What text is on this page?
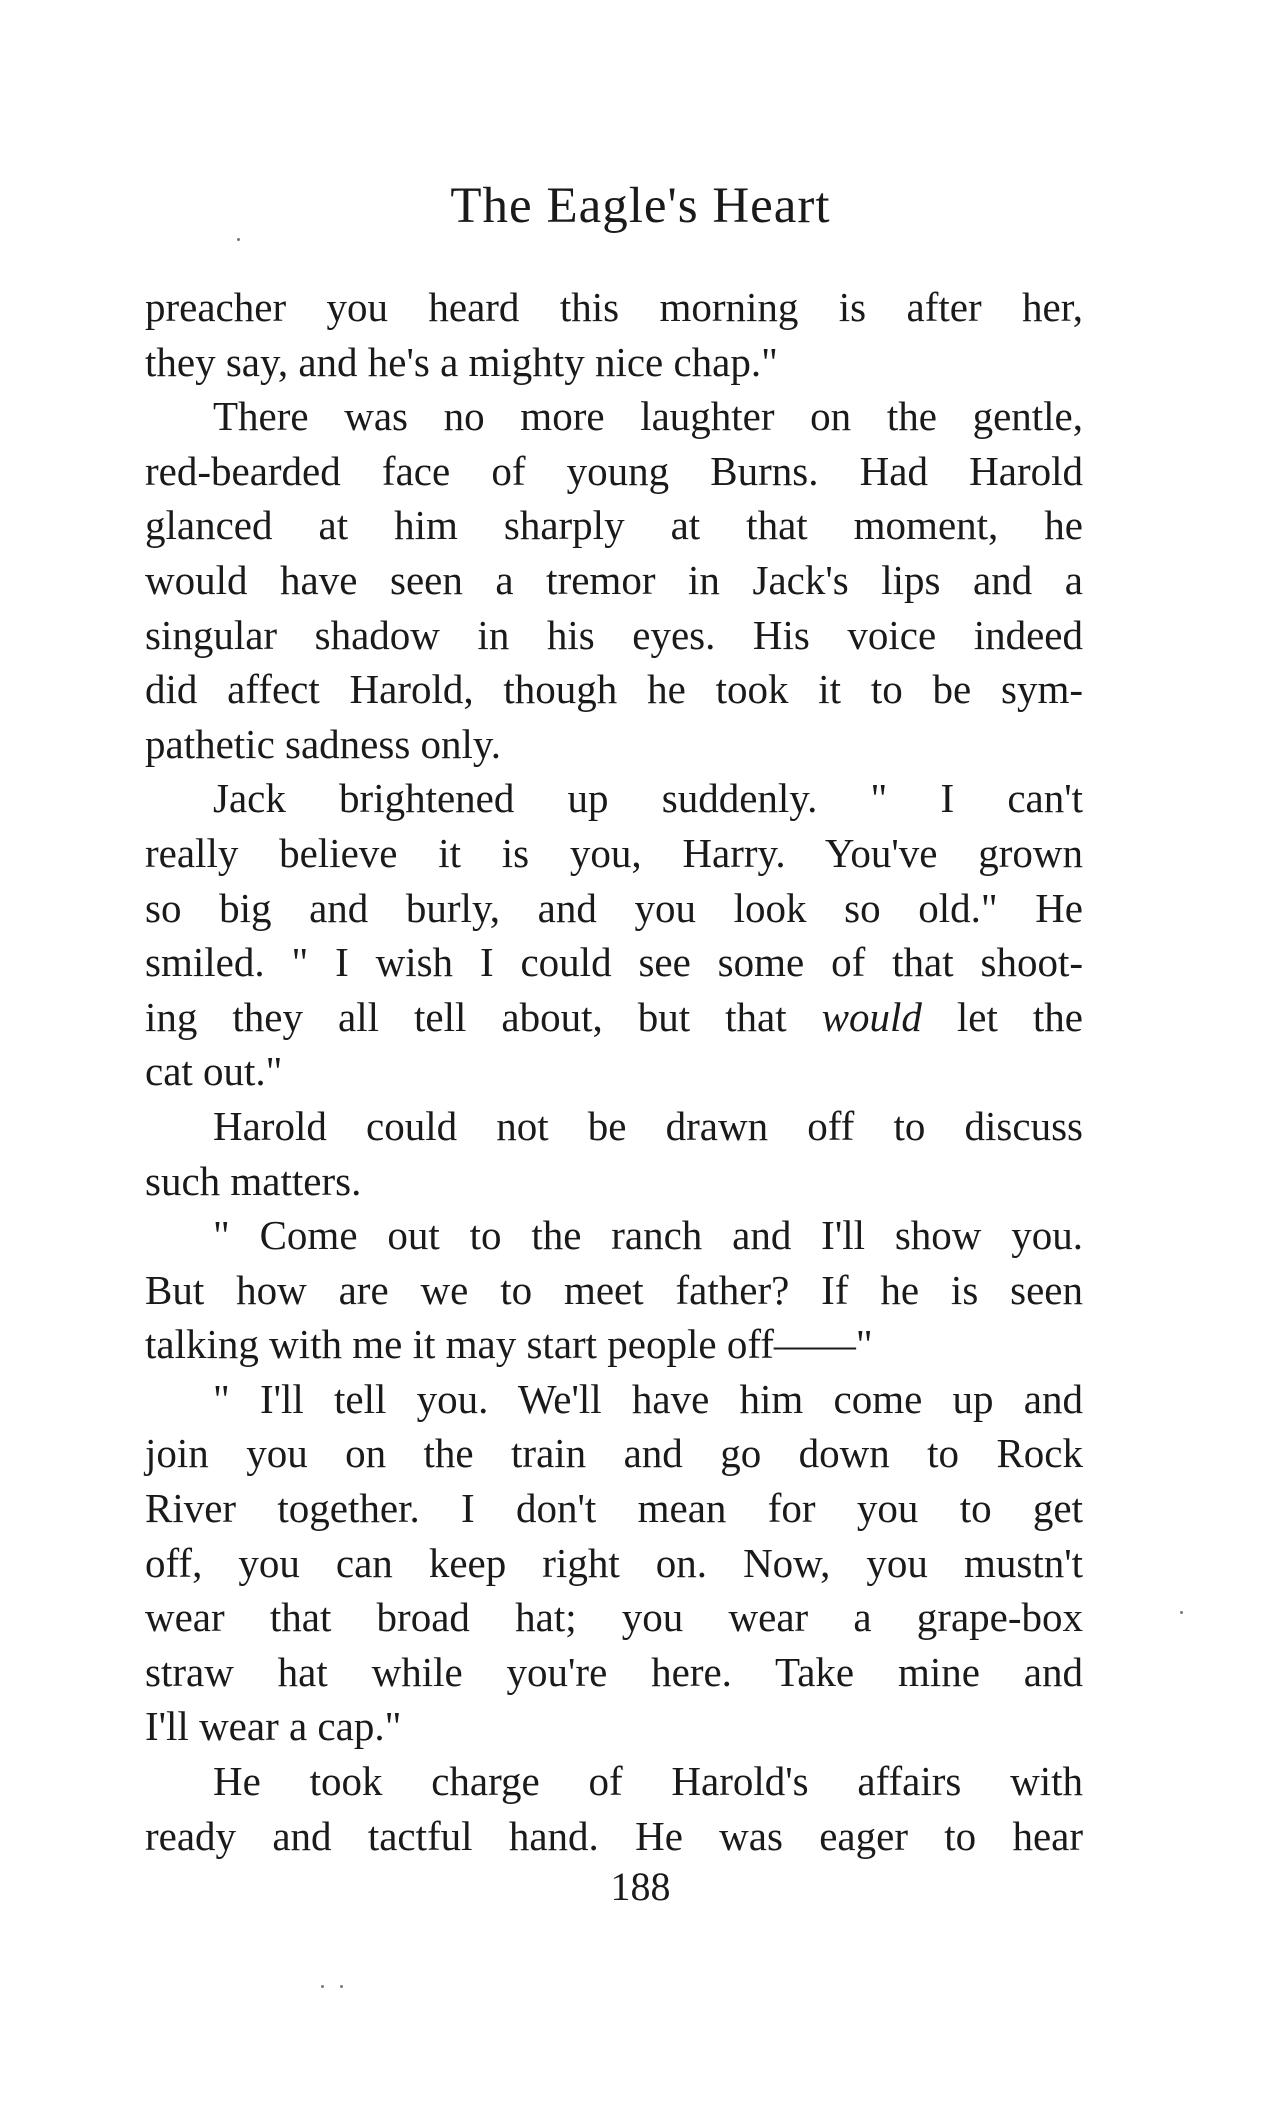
The Eagle's Heart
preacher you heard this morning is after her,
they say, and he's a mighty nice chap."
There was no more laughter on the gentle,
red-bearded face of young Burns. Had Harold
glanced at him sharply at that moment, he
would have seen a tremor in Jack's lips and a
singular shadow in his eyes. His voice indeed
did affect Harold, though he took it to be sym-
pathetic sadness only.
Jack brightened up suddenly. " I can't
really believe it is you, Harry. You've grown
so big and burly, and you look so old." He
smiled. " I wish I could see some of that shoot-
ing they all tell about, but that would let the
cat out."
Harold could not be drawn off to discuss
such matters.
" Come out to the ranch and I'll show you.
But how are we to meet father? If he is seen
talking with me it may start people off——"
" I'll tell you. We'll have him come up and
join you on the train and go down to Rock
River together. I don't mean for you to get
off, you can keep right on. Now, you mustn't
wear that broad hat; you wear a grape-box
straw hat while you're here. Take mine and
I'll wear a cap."
He took charge of Harold's affairs with
ready and tactful hand. He was eager to hear
188
